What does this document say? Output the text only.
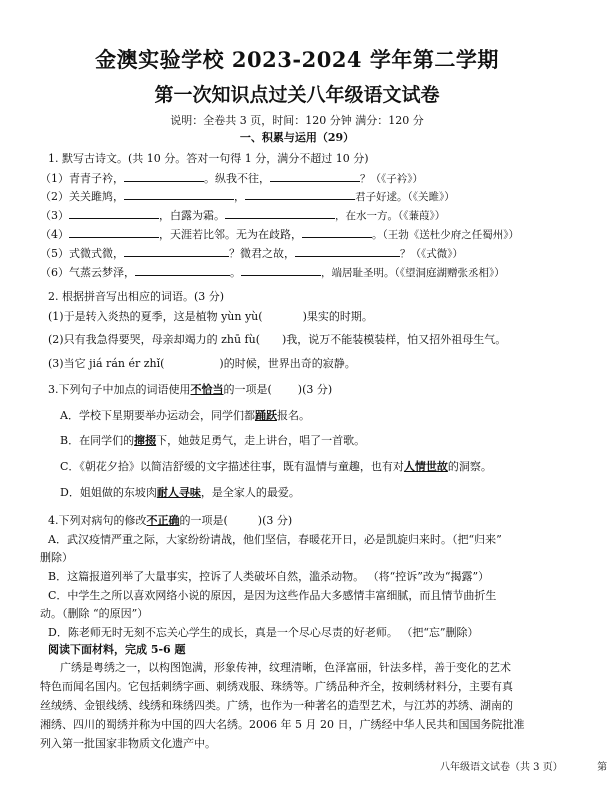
金澳实验学校 2023-2024 学年第二学期
第一次知识点过关八年级语文试卷
说明：全卷共 3 页，时间：120 分钟 满分：120 分
一、积累与运用（29）
1. 默写古诗文。(共 10 分。答对一句得 1 分，满分不超过 10 分)
（1）青青子衿，	。纵我不往，	？（《子衿》）
（2）关关雎鸠，	，	君子好逑。（《关雎》）
（3）	，白露为霜。	，在水一方。（《蒹葭》）
（4）	，天涯若比邻。无为在歧路，	。（王勃《送杜少府之任蜀州》）
（5）式微式微，	？微君之故，	？（《式微》）
（6）气蒸云梦泽，	。	，端居耻圣明。（《望洞庭湖赠张丞相》）
2. 根据拼音写出相应的词语。(3 分)
(1)于是转入炎热的夏季，这是植物 yùn yù(	)果实的时期。
(2)只有我急得要哭，母亲却竭力的 zhū fù( )我，说万不能装模装样，怕又招外祖母生气。
(3)当它 jiá rán ér zhǐ(	)的时候，世界出奇的寂静。
3.下列句子中加点的词语使用不恰当的一项是( )(3 分)
A．学校下星期要举办运动会，同学们都踊跃报名。
B．在同学们的撺掇下，她鼓足勇气，走上讲台，唱了一首歌。
C．《朝花夕拾》以简洁舒缓的文字描述往事，既有温情与童趣，也有对人情世故的洞察。
D．姐姐做的东坡肉耐人寻味，是全家人的最爱。
4.下列对病句的修改不正确的一项是(	)(3 分)
A．武汉疫情严重之际，大家纷纷请战，他们坚信，春暖花开日，必是凯旋归来时。（把“归来”
删除）
B．这篇报道列举了大量事实，控诉了人类破坏自然，滥杀动物。 （将“控诉”改为“揭露”）
C．中学生之所以喜欢网络小说的原因，是因为这些作品大多感情丰富细腻，而且情节曲折生
动。（删除 “的原因”）
D．陈老师无时无刻不忘关心学生的成长，真是一个尽心尽责的好老师。 （把“忘”删除）
阅读下面材料，完成 5-6 题
广绣是粤绣之一，以构图饱满，形象传神，纹理清晰，色泽富丽，针法多样，善于变化的艺术
特色而闻名国内。它包括刺绣字画、刺绣戏服、珠绣等。广绣品种齐全，按刺绣材料分，主要有真
丝绒绣、金银线绣、线绣和珠绣四类。广绣，也作为一种著名的造型艺术，与江苏的苏绣、湖南的
湘绣、四川的蜀绣并称为中国的四大名绣。2006 年 5 月 20 日，广绣经中华人民共和国国务院批准
列入第一批国家非物质文化遗产中。
八年级语文试卷（共 3 页）	第
